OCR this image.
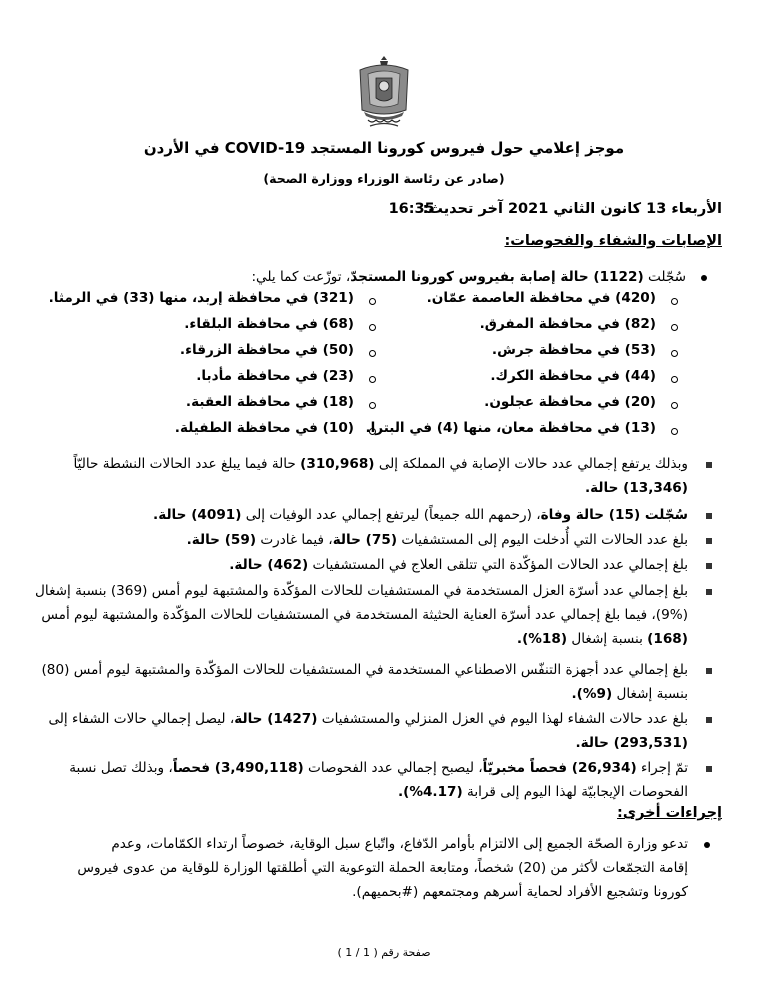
موجز إعلامي حول فيروس كورونا المستجد COVID-19 في الأردن
(صادر عن رئاسة الوزراء ووزارة الصحة)
الأربعاء 13 كانون الثاني 2021 آخر تحديث:
16:35
الإصابات والشفاء والفحوصات:
سُجّلت (1122) حالة إصابة بفيروس كورونا المستجدّ، توزّعت كما يلي:
(420) في محافظة العاصمة عمّان.
(82) في محافظة المفرق.
(53) في محافظة جرش.
(44) في محافظة الكرك.
(20) في محافظة عجلون.
(13) في محافظة معان، منها (4) في البترا.
(321) في محافظة إربد، منها (33) في الرمثا.
(68) في محافظة البلقاء.
(50) في محافظة الزرقاء.
(23) في محافظة مأدبا.
(18) في محافظة العقبة.
(10) في محافظة الطفيلة.
وبذلك يرتفع إجمالي عدد حالات الإصابة في المملكة إلى (310,968) حالة فيما يبلغ عدد الحالات النشطة حاليّاً
(13,346) حالة.
سُجّلت (15) حالة وفاة، (رحمهم الله جميعاً) ليرتفع إجمالي عدد الوفيات إلى (4091) حالة.
بلغ عدد الحالات التي أُدخلت اليوم إلى المستشفيات (75) حالة، فيما غادرت (59) حالة.
بلغ إجمالي عدد الحالات المؤكّدة التي تتلقى العلاج في المستشفيات (462) حالة.
بلغ إجمالي عدد أسرّة العزل المستخدمة في المستشفيات للحالات المؤكّدة والمشتبهة ليوم أمس (369) بنسبة إشغال
(9%)، فيما بلغ إجمالي عدد أسرّة العناية الحثيثة المستخدمة في المستشفيات للحالات المؤكّدة والمشتبهة ليوم أمس
(168) بنسبة إشغال (18%).
بلغ إجمالي عدد أجهزة التنفّس الاصطناعي المستخدمة في المستشفيات للحالات المؤكّدة والمشتبهة ليوم أمس (80)
بنسبة إشغال (9%).
بلغ عدد حالات الشفاء لهذا اليوم في العزل المنزلي والمستشفيات (1427) حالة، ليصل إجمالي حالات الشفاء إلى
(293,531) حالة.
تمّ إجراء (26,934) فحصاً مخبريّاً، ليصبح إجمالي عدد الفحوصات (3,490,118) فحصاً، وبذلك تصل نسبة
الفحوصات الإيجابيّة لهذا اليوم إلى قرابة (4.17%).
إجراءات أخرى:
تدعو وزارة الصحّة الجميع إلى الالتزام بأوامر الدّفاع، واتّباع سبل الوقاية، خصوصاً ارتداء الكمّامات، وعدم
إقامة التجمّعات لأكثر من (20) شخصاً، ومتابعة الحملة التوعوية التي أطلقتها الوزارة للوقاية من عدوى فيروس
كورونا وتشجيع الأفراد لحماية أسرهم ومجتمعهم (#بحميهم).
صفحة رقم ( 1 / 1 )
